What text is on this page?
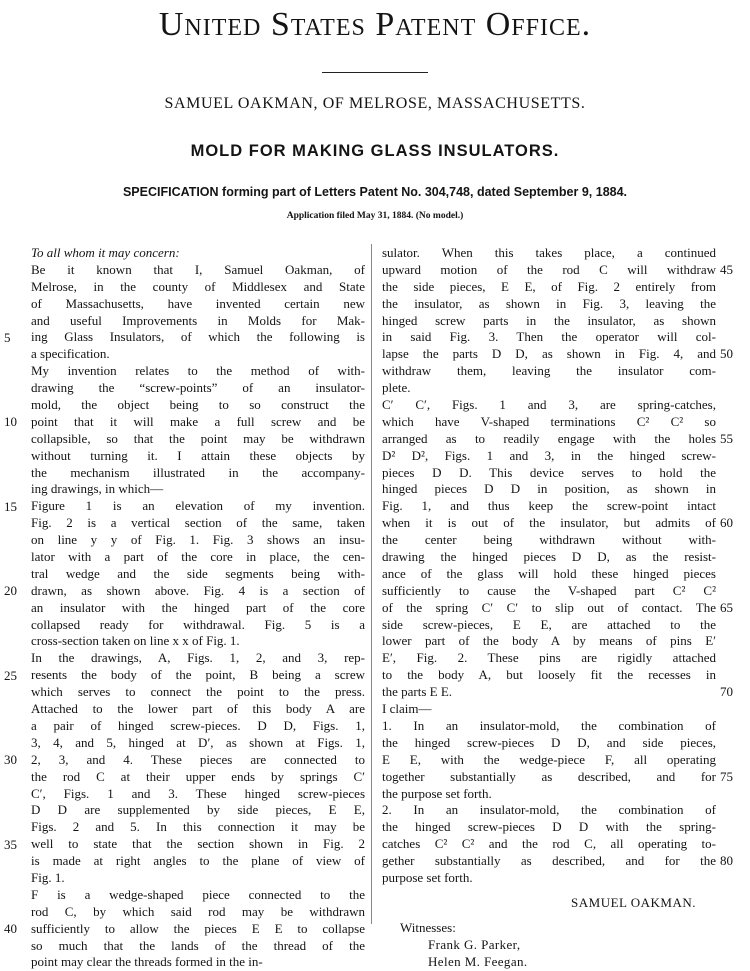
United States Patent Office.
SAMUEL OAKMAN, OF MELROSE, MASSACHUSETTS.
MOLD FOR MAKING GLASS INSULATORS.
SPECIFICATION forming part of Letters Patent No. 304,748, dated September 9, 1884.
Application filed May 31, 1884. (No model.)
To all whom it may concern:
Be it known that I, Samuel Oakman, of
Melrose, in the county of Middlesex and State
of Massachusetts, have invented certain new
and useful Improvements in Molds for Mak-
ing Glass Insulators, of which the following is
a specification.
My invention relates to the method of with-
drawing the “screw-points” of an insulator-
mold, the object being to so construct the
point that it will make a full screw and be
collapsible, so that the point may be withdrawn
without turning it. I attain these objects by
the mechanism illustrated in the accompany-
ing drawings, in which—
Figure 1 is an elevation of my invention.
Fig. 2 is a vertical section of the same, taken
on line y y of Fig. 1. Fig. 3 shows an insu-
lator with a part of the core in place, the cen-
tral wedge and the side segments being with-
drawn, as shown above. Fig. 4 is a section of
an insulator with the hinged part of the core
collapsed ready for withdrawal. Fig. 5 is a
cross-section taken on line x x of Fig. 1.
In the drawings, A, Figs. 1, 2, and 3, rep-
resents the body of the point, B being a screw
which serves to connect the point to the press.
Attached to the lower part of this body A are
a pair of hinged screw-pieces. D D, Figs. 1,
3, 4, and 5, hinged at D′, as shown at Figs. 1,
2, 3, and 4. These pieces are connected to
the rod C at their upper ends by springs C′
C′, Figs. 1 and 3. These hinged screw-pieces
D D are supplemented by side pieces, E E,
Figs. 2 and 5. In this connection it may be
well to state that the section shown in Fig. 2
is made at right angles to the plane of view of
Fig. 1.
F is a wedge-shaped piece connected to the
rod C, by which said rod may be withdrawn
sufficiently to allow the pieces E E to collapse
so much that the lands of the thread of the
point may clear the threads formed in the in-
sulator. When this takes place, a continued
upward motion of the rod C will withdraw
the side pieces, E E, of Fig. 2 entirely from
the insulator, as shown in Fig. 3, leaving the
hinged screw parts in the insulator, as shown
in said Fig. 3. Then the operator will col-
lapse the parts D D, as shown in Fig. 4, and
withdraw them, leaving the insulator com-
plete.
C′ C′, Figs. 1 and 3, are spring-catches,
which have V-shaped terminations C² C² so
arranged as to readily engage with the holes
D² D², Figs. 1 and 3, in the hinged screw-
pieces D D. This device serves to hold the
hinged pieces D D in position, as shown in
Fig. 1, and thus keep the screw-point intact
when it is out of the insulator, but admits of
the center being withdrawn without with-
drawing the hinged pieces D D, as the resist-
ance of the glass will hold these hinged pieces
sufficiently to cause the V-shaped part C² C²
of the spring C′ C′ to slip out of contact. The
side screw-pieces, E E, are attached to the
lower part of the body A by means of pins E′
E′, Fig. 2. These pins are rigidly attached
to the body A, but loosely fit the recesses in
the parts E E.
I claim—
1. In an insulator-mold, the combination of
the hinged screw-pieces D D, and side pieces,
E E, with the wedge-piece F, all operating
together substantially as described, and for
the purpose set forth.
2. In an insulator-mold, the combination of
the hinged screw-pieces D D with the spring-
catches C² C² and the rod C, all operating to-
gether substantially as described, and for the
purpose set forth.
SAMUEL OAKMAN.
Witnesses:
Frank G. Parker,
Helen M. Feegan.
5
10
15
20
25
30
35
40
45
50
55
60
65
70
75
80
